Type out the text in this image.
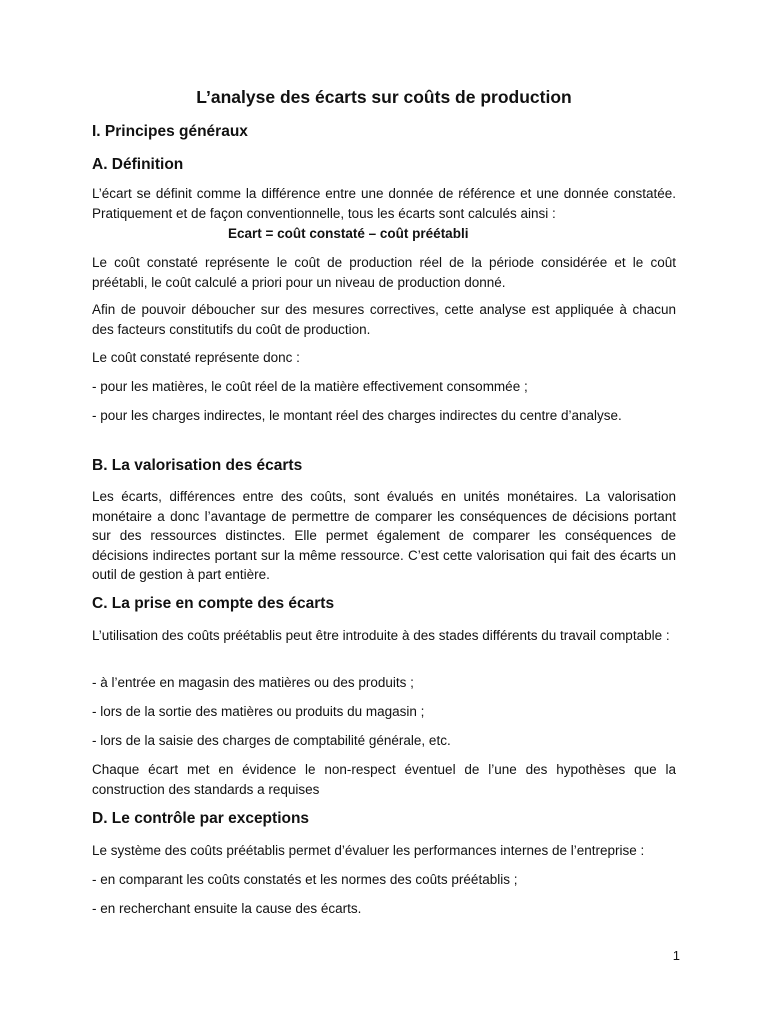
L’analyse des écarts sur coûts de production
I. Principes généraux
A. Définition

L’écart se définit comme la différence entre une donnée de référence et une donnée constatée. Pratiquement et de façon conventionnelle, tous les écarts sont calculés ainsi :

Ecart = coût constaté – coût préétabli

Le coût constaté représente le coût de production réel de la période considérée et le coût préétabli, le coût calculé a priori pour un niveau de production donné.

Afin de pouvoir déboucher sur des mesures correctives, cette analyse est appliquée à chacun des facteurs constitutifs du coût de production.

Le coût constaté représente donc :

- pour les matières, le coût réel de la matière effectivement consommée ;

- pour les charges indirectes, le montant réel des charges indirectes du centre d’analyse.

B. La valorisation des écarts

Les écarts, différences entre des coûts, sont évalués en unités monétaires. La valorisation monétaire a donc l’avantage de permettre de comparer les conséquences de décisions portant sur des ressources distinctes. Elle permet également de comparer les conséquences de décisions indirectes portant sur la même ressource. C’est cette valorisation qui fait des écarts un outil de gestion à part entière.

C. La prise en compte des écarts

L’utilisation des coûts préétablis peut être introduite à des stades différents du travail comptable :

- à l’entrée en magasin des matières ou des produits ;

- lors de la sortie des matières ou produits du magasin ;

- lors de la saisie des charges de comptabilité générale, etc.

Chaque écart met en évidence le non-respect éventuel de l’une des hypothèses que la construction des standards a requises

D. Le contrôle par exceptions

Le système des coûts préétablis permet d’évaluer les performances internes de l’entreprise :

- en comparant les coûts constatés et les normes des coûts préétablis ;

- en recherchant ensuite la cause des écarts.

1
